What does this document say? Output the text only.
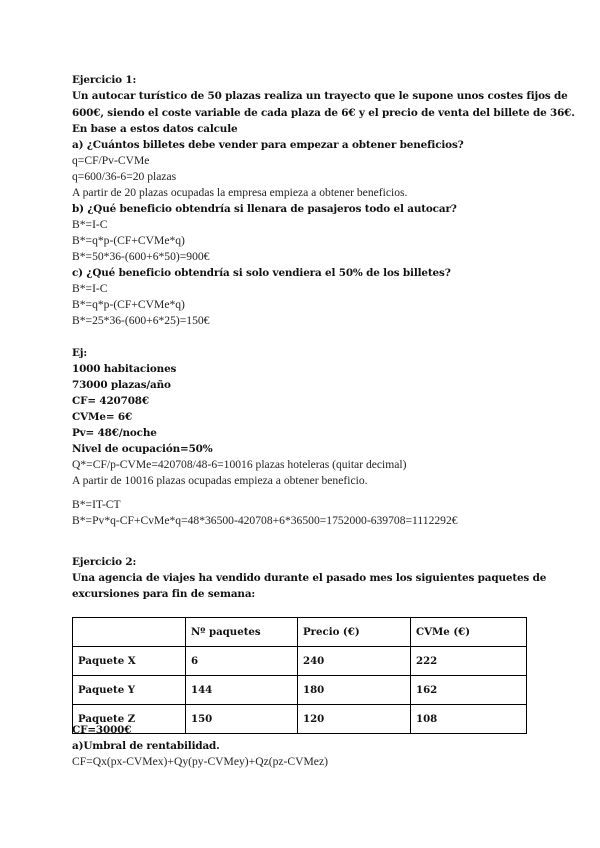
Ejercicio 1:
Un autocar turístico de 50 plazas realiza un trayecto que le supone unos costes fijos de
600€, siendo el coste variable de cada plaza de 6€ y el precio de venta del billete de 36€.
En base a estos datos calcule
a) ¿Cuántos billetes debe vender para empezar a obtener beneficios?
q=CF/Pv-CVMe
q=600/36-6=20 plazas
A partir de 20 plazas ocupadas la empresa empieza a obtener beneficios.
b) ¿Qué beneficio obtendría si llenara de pasajeros todo el autocar?
B*=I-C
B*=q*p-(CF+CVMe*q)
B*=50*36-(600+6*50)=900€
c) ¿Qué beneficio obtendría si solo vendiera el 50% de los billetes?
B*=I-C
B*=q*p-(CF+CVMe*q)
B*=25*36-(600+6*25)=150€
Ej:
1000 habitaciones
73000 plazas/año
CF= 420708€
CVMe= 6€
Pv= 48€/noche
Nivel de ocupación=50%
Q*=CF/p-CVMe=420708/48-6=10016 plazas hoteleras (quitar decimal)
A partir de 10016 plazas ocupadas empieza a obtener beneficio.
B*=IT-CT
B*=Pv*q-CF+CvMe*q=48*36500-420708+6*36500=1752000-639708=1112292€
Ejercicio 2:
Una agencia de viajes ha vendido durante el pasado mes los siguientes paquetes de
excursiones para fin de semana:
	Nº paquetes	Precio (€)	CVMe (€)
Paquete X	6	240	222
Paquete Y	144	180	162
Paquete Z	150	120	108
CF=3000€
a)Umbral de rentabilidad.
CF=Qx(px-CVMex)+Qy(py-CVMey)+Qz(pz-CVMez)
